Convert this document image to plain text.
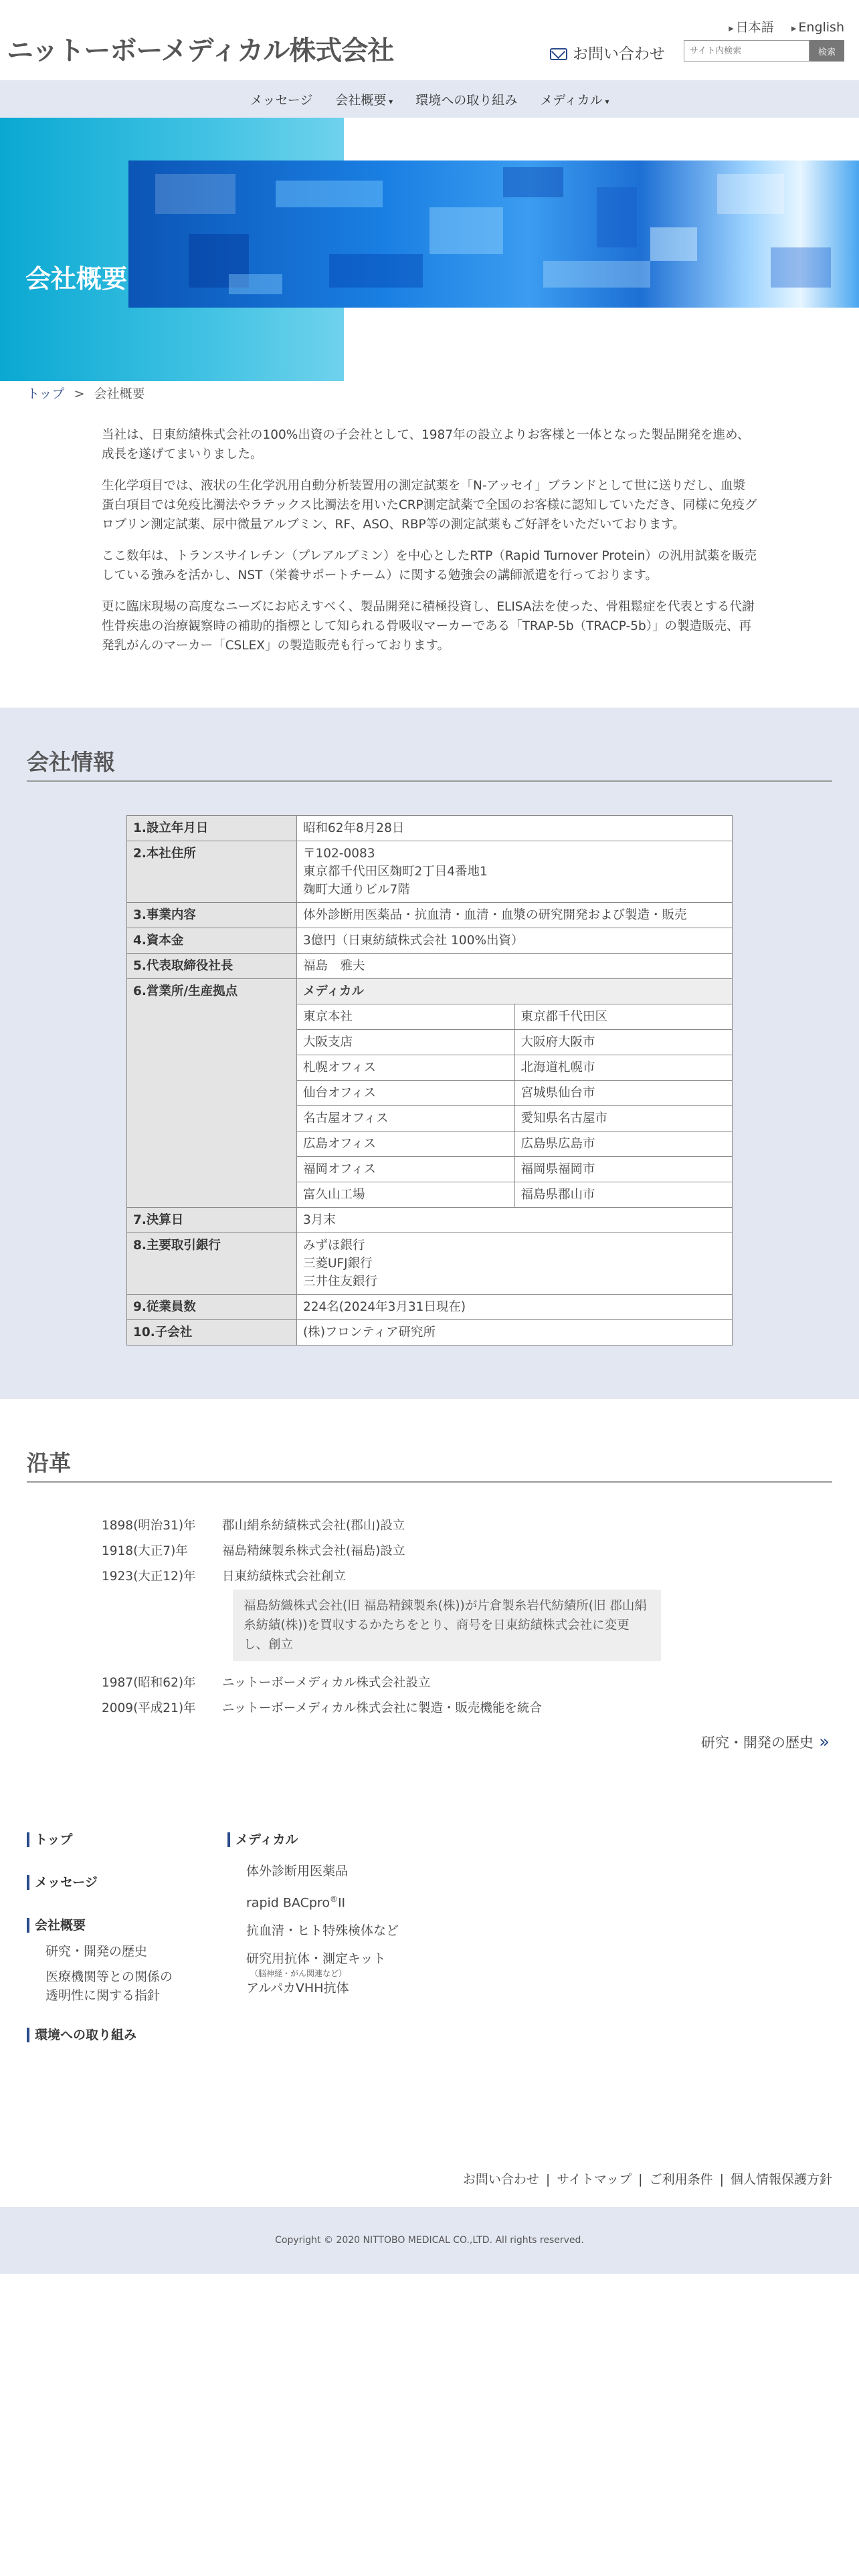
ニットーボーメディカル株式会社
▸ 日本語 ▸ English
お問い合わせ
サイト内検索	検索
メッセージ 会社概要 ▾	環境への取り組み メディカル ▾
会社概要
トップ > 会社概要

当社は、日東紡績株式会社の100%出資の子会社として、1987年の設立よりお客様と一体となった製品開発を進め、成長を遂げてまいりました。

生化学項目では、液状の生化学汎用自動分析装置用の測定試薬を「N-アッセイ」ブランドとして世に送りだし、血漿蛋白項目では免疫比濁法やラテックス比濁法を用いたCRP測定試薬で全国のお客様に認知していただき、同様に免疫グロブリン測定試薬、尿中微量アルブミン、RF、ASO、RBP等の測定試薬もご好評をいただいております。

ここ数年は、トランスサイレチン（プレアルブミン）を中心としたRTP（Rapid Turnover Protein）の汎用試薬を販売している強みを活かし、NST（栄養サポートチーム）に関する勉強会の講師派遣を行っております。

更に臨床現場の高度なニーズにお応えすべく、製品開発に積極投資し、ELISA法を使った、骨粗鬆症を代表とする代謝性骨疾患の治療観察時の補助的指標として知られる骨吸収マーカーである「TRAP-5b（TRACP-5b）」の製造販売、再発乳がんのマーカー「CSLEX」の製造販売も行っております。

会社情報
1.設立年月日	昭和62年8月28日
2.本社住所	〒102-0083
東京都千代田区麹町2丁目4番地1
麹町大通りビル7階

3.事業内容	体外診断用医薬品・抗血清・血清・血漿の研究開発および製造・販売
4.資本金	3億円（日東紡績株式会社 100%出資）
5.代表取締役社長	福島　雅夫
6.営業所/生産拠点		メディカル
東京本社	東京都千代田区
大阪支店	大阪府大阪市
札幌オフィス	北海道札幌市
仙台オフィス	宮城県仙台市
名古屋オフィス	愛知県名古屋市
広島オフィス	広島県広島市
福岡オフィス	福岡県福岡市
富久山工場	福島県郡山市

7.決算日	3月末
8.主要取引銀行	みずほ銀行
三菱UFJ銀行
三井住友銀行

9.従業員数	224名(2024年3月31日現在)
10.子会社	(株)フロンティア研究所
沿革
1898(明治31)年	郡山絹糸紡績株式会社(郡山)設立
1918(大正7)年	福島精練製糸株式会社(福島)設立
1923(大正12)年	日東紡績株式会社創立
福島紡織株式会社(旧 福島精錬製糸(株))が片倉製糸岩代紡績所(旧 郡山絹糸紡績(株))を買収するかたちをとり、商号を日東紡績株式会社に変更し、創立
1987(昭和62)年	ニットーボーメディカル株式会社設立
2009(平成21)年	ニットーボーメディカル株式会社に製造・販売機能を統合
研究・開発の歴史 »
トップ
メッセージ
会社概要
研究・開発の歴史
医療機関等との関係の
透明性に関する指針
環境への取り組み
メディカル
体外診断用医薬品
rapid BACpro®II
抗血清・ヒト特殊検体など
研究用抗体・測定キット
（脳神経・がん関連など）
アルパカVHH抗体
お問い合わせ | サイトマップ | ご利用条件 | 個人情報保護方針
Copyright © 2020 NITTOBO MEDICAL CO.,LTD. All rights reserved.
